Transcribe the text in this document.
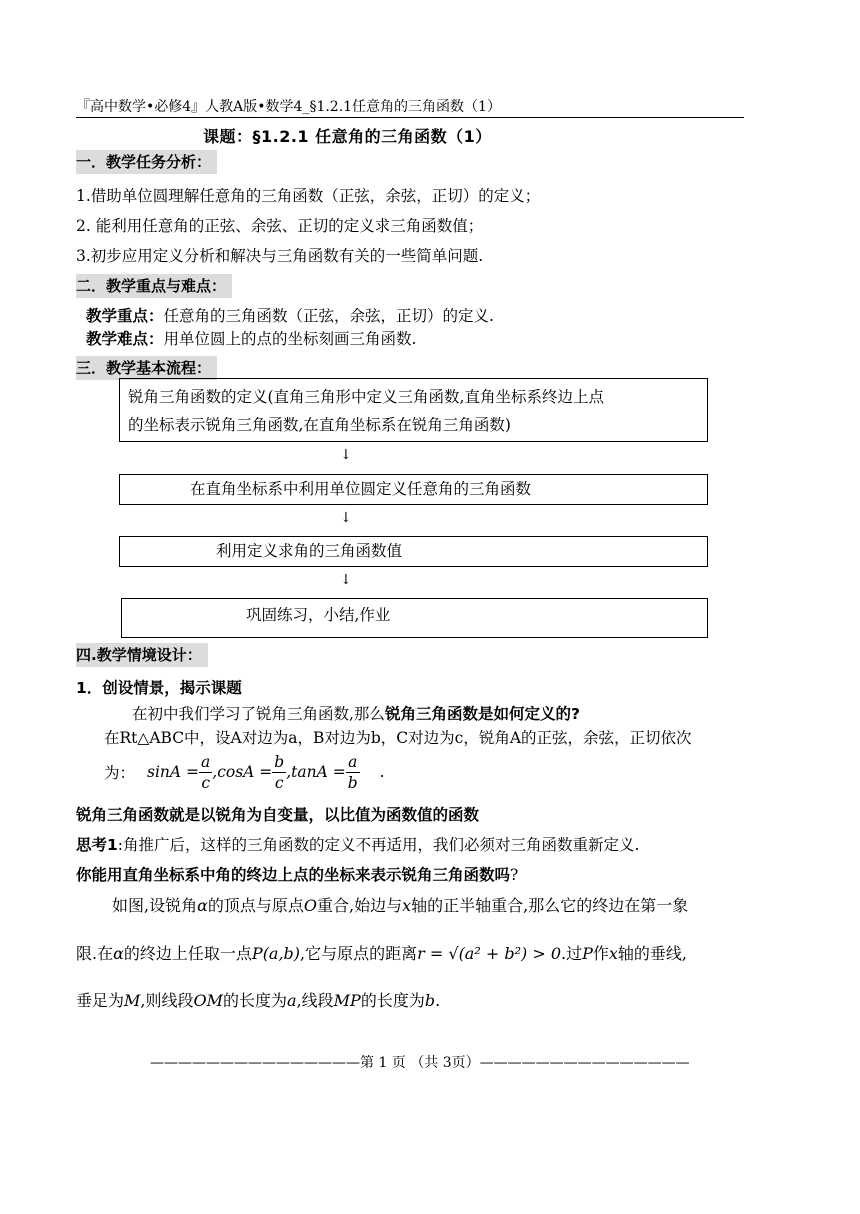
『高中数学•必修4』人教A版•数学4_§1.2.1任意角的三角函数（1）
课题：§1.2.1 任意角的三角函数（1）
一．教学任务分析：
1.借助单位圆理解任意角的三角函数（正弦，余弦，正切）的定义；
2. 能利用任意角的正弦、余弦、正切的定义求三角函数值；
3.初步应用定义分析和解决与三角函数有关的一些简单问题.
二．教学重点与难点：
教学重点：任意角的三角函数（正弦，余弦，正切）的定义.
教学难点：用单位圆上的点的坐标刻画三角函数.
三．教学基本流程：
锐角三角函数的定义(直角三角形中定义三角函数,直角坐标系终边上点
的坐标表示锐角三角函数,在直角坐标系在锐角三角函数)
↓
在直角坐标系中利用单位圆定义任意角的三角函数
↓
利用定义求角的三角函数值
↓
巩固练习，小结,作业
四.教学情境设计：
1．创设情景，揭示课题
在初中我们学习了锐角三角函数,那么锐角三角函数是如何定义的?
在Rt△ABC中，设A对边为a，B对边为b，C对边为c，锐角A的正弦，余弦，正切依次
为： $\sin A = \frac{a}{c} ,\cos A = \frac{b}{c} ,\tan A = \frac{a}{b}$ .
锐角三角函数就是以锐角为自变量，以比值为函数值的函数
思考1:角推广后，这样的三角函数的定义不再适用，我们必须对三角函数重新定义.
你能用直角坐标系中角的终边上点的坐标来表示锐角三角函数吗?
如图,设锐角α的顶点与原点O重合,始边与x轴的正半轴重合,那么它的终边在第一象
限.在α的终边上任取一点P(a,b),它与原点的距离r = √(a² + b²) > 0.过P作x轴的垂线,
垂足为M,则线段OM的长度为a,线段MP的长度为b.
———————————————第 1 页 （共 3页）———————————————
